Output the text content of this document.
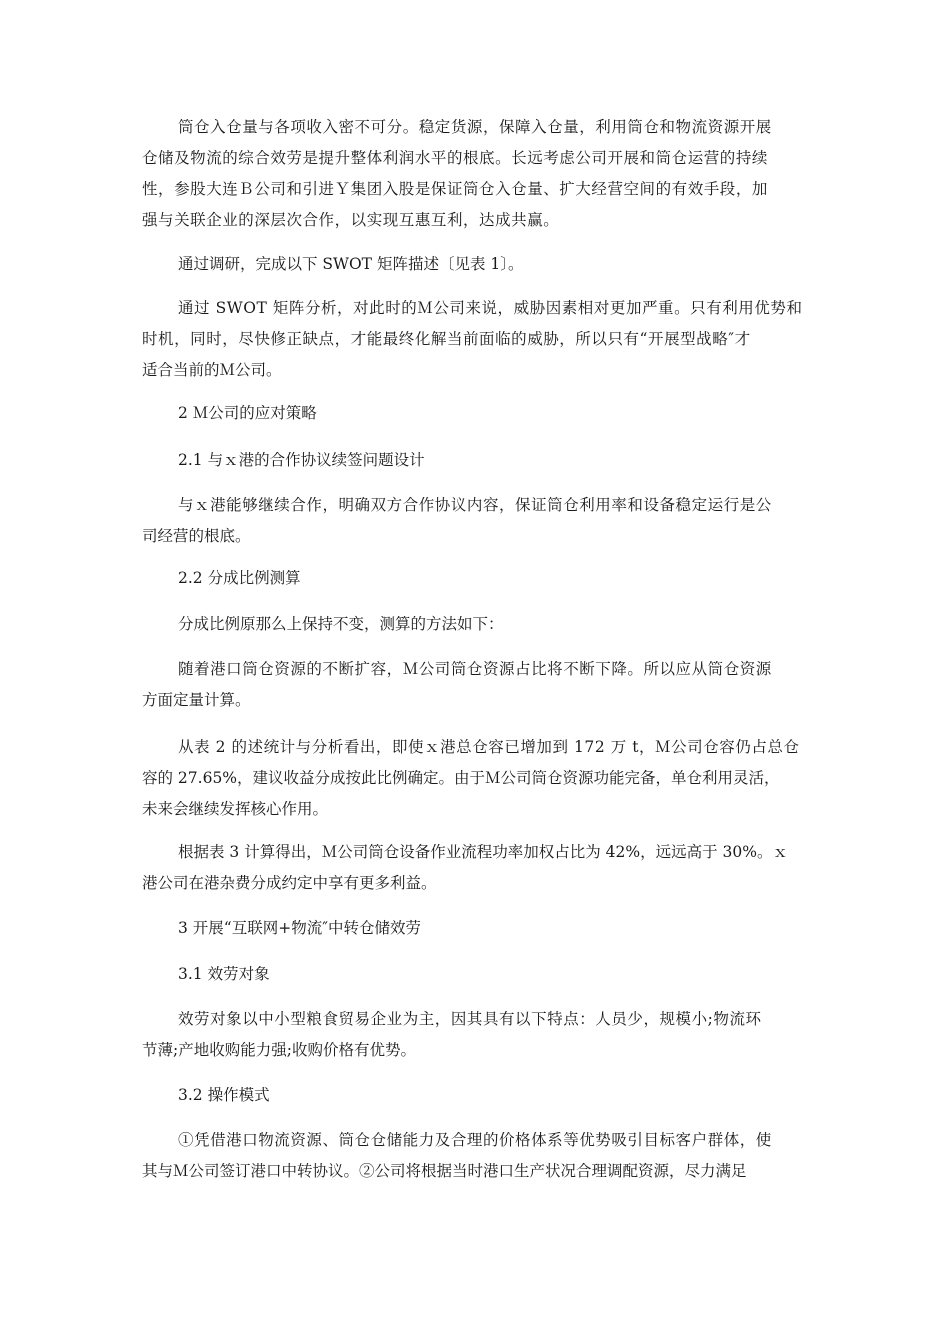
筒仓入仓量与各项收入密不可分。稳定货源，保障入仓量，利用筒仓和物流资源开展
仓储及物流的综合效劳是提升整体利润水平的根底。长远考虑公司开展和筒仓运营的持续
性，参股大连Ｂ公司和引进Ｙ集团入股是保证筒仓入仓量、扩大经营空间的有效手段，加
强与关联企业的深层次合作，以实现互惠互利，达成共赢。
通过调研，完成以下 SWOT 矩阵描述〔见表 1〕。
通过 SWOT 矩阵分析，对此时的Ｍ公司来说，威胁因素相对更加严重。只有利用优势和
时机，同时，尽快修正缺点，才能最终化解当前面临的威胁，所以只有“开展型战略″才
适合当前的Ｍ公司。
2 Ｍ公司的应对策略
2.1 与ｘ港的合作协议续签问题设计
与ｘ港能够继续合作，明确双方合作协议内容，保证筒仓利用率和设备稳定运行是公
司经营的根底。
2.2 分成比例测算
分成比例原那么上保持不变，测算的方法如下：
随着港口筒仓资源的不断扩容，Ｍ公司筒仓资源占比将不断下降。所以应从筒仓资源
方面定量计算。
从表 2 的述统计与分析看出，即使ｘ港总仓容已增加到 172 万 t，Ｍ公司仓容仍占总仓
容的 27.65%，建议收益分成按此比例确定。由于Ｍ公司筒仓资源功能完备，单仓利用灵活，
未来会继续发挥核心作用。
根据表 3 计算得出，Ｍ公司筒仓设备作业流程功率加权占比为 42%，远远高于 30%。ｘ
港公司在港杂费分成约定中享有更多利益。
3 开展“互联网+物流″中转仓储效劳
3.1 效劳对象
效劳对象以中小型粮食贸易企业为主，因其具有以下特点：人员少，规模小;物流环
节薄;产地收购能力强;收购价格有优势。
3.2 操作模式
①凭借港口物流资源、筒仓仓储能力及合理的价格体系等优势吸引目标客户群体，使
其与Ｍ公司签订港口中转协议。②公司将根据当时港口生产状况合理调配资源，尽力满足
